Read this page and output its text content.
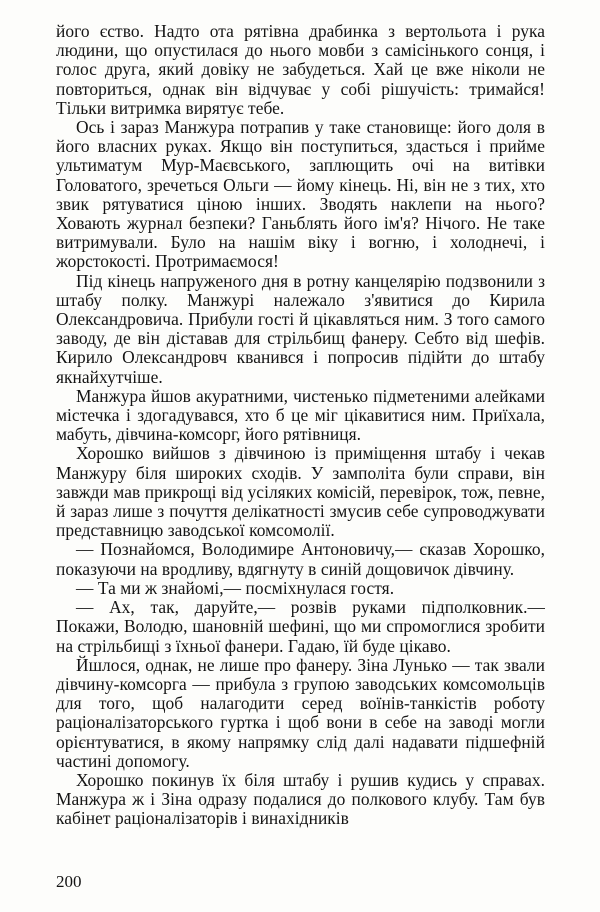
його єство. Надто ота рятівна драбинка з вертольота і рука людини, що опустилася до нього мовби з самісінького сонця, і голос друга, який довіку не забудеться. Хай це вже ніколи не повториться, однак він відчуває у собі рішучість: тримайся! Тільки витримка вирятує тебе.

Ось і зараз Манжура потрапив у таке становище: його доля в його власних руках. Якщо він поступиться, здасться і прийме ультиматум Мур-Маєвського, заплющить очі на витівки Головатого, зречеться Ольги — йому кінець. Ні, він не з тих, хто звик рятуватися ціною інших. Зводять наклепи на нього? Ховають журнал безпеки? Ганьблять його ім'я? Нічого. Не таке витримували. Було на нашім віку і вогню, і холоднечі, і жорстокості. Протримаємося!

Під кінець напруженого дня в ротну канцелярію подзвонили з штабу полку. Манжурі належало з'явитися до Кирила Олександровича. Прибули гості й цікавляться ним. З того самого заводу, де він діставав для стрільбищ фанеру. Себто від шефів. Кирило Олександровч кванився і попросив підійти до штабу якнайхутчіше.

Манжура йшов акуратними, чистенько підметеними алейками містечка і здогадувався, хто б це міг цікавитися ним. Приїхала, мабуть, дівчина-комсорг, його рятівниця.

Хорошко вийшов з дівчиною із приміщення штабу і чекав Манжуру біля широких сходів. У замполіта були справи, він завжди мав прикрощі від усіляких комісій, перевірок, тож, певне, й зараз лише з почуття делікатності змусив себе супроводжувати представницю заводської комсомолії.

— Познайомся, Володимире Антоновичу,— сказав Хорошко, показуючи на вродливу, вдягнуту в синій дощовичок дівчину.

— Та ми ж знайомі,— посміхнулася гостя.

— Ах, так, даруйте,— розвів руками підполковник.— Покажи, Володю, шановній шефині, що ми спромоглися зробити на стрільбищі з їхньої фанери. Гадаю, їй буде цікаво.

Йшлося, однак, не лише про фанеру. Зіна Лунько — так звали дівчину-комсорга — прибула з групою заводських комсомольців для того, щоб налагодити серед воїнів-танкістів роботу раціоналізаторського гуртка і щоб вони в себе на заводі могли орієнтуватися, в якому напрямку слід далі надавати підшефній частині допомогу.

Хорошко покинув їх біля штабу і рушив кудись у справах. Манжура ж і Зіна одразу подалися до полкового клубу. Там був кабінет раціоналізаторів і винахідників

200
